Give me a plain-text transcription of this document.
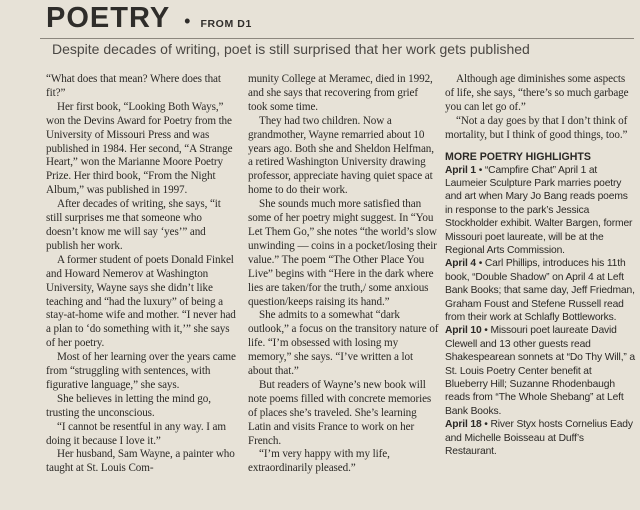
POETRY • FROM D1
Despite decades of writing, poet is still surprised that her work gets published

“What does that mean? Where does that fit?”

Her first book, “Looking Both Ways,” won the Devins Award for Poetry from the University of Missouri Press and was published in 1984. Her second, “A Strange Heart,” won the Marianne Moore Poetry Prize. Her third book, “From the Night Album,” was published in 1997.

After decades of writing, she says, “it still surprises me that someone who doesn’t know me will say ‘yes’” and publish her work.

A former student of poets Donald Finkel and Howard Nemerov at Washington University, Wayne says she didn’t like teaching and “had the luxury” of being a stay-at-home wife and mother. “I never had a plan to ‘do something with it,’” she says of her poetry.

Most of her learning over the years came from “struggling with sentences, with figurative language,” she says.

She believes in letting the mind go, trusting the unconscious.

“I cannot be resentful in any way. I am doing it because I love it.”

Her husband, Sam Wayne, a painter who taught at St. Louis Com-

munity College at Meramec, died in 1992, and she says that recovering from grief took some time.

They had two children. Now a grandmother, Wayne remarried about 10 years ago. Both she and Sheldon Helfman, a retired Washington University drawing professor, appreciate having quiet space at home to do their work.

She sounds much more satisfied than some of her poetry might suggest. In “You Let Them Go,” she notes “the world’s slow unwinding — coins in a pocket/losing their value.” The poem “The Other Place You Live” begins with “Here in the dark where lies are taken/for the truth,/ some anxious question/keeps raising its hand.”

She admits to a somewhat “dark outlook,” a focus on the transitory nature of life. “I’m obsessed with losing my memory,” she says. “I’ve written a lot about that.”

But readers of Wayne’s new book will note poems filled with concrete memories of places she’s traveled. She’s learning Latin and visits France to work on her French.

“I’m very happy with my life, extraordinarily pleased.”

Although age diminishes some aspects of life, she says, “there’s so much garbage you can let go of.”

“Not a day goes by that I don’t think of mortality, but I think of good things, too.”

MORE POETRY HIGHLIGHTS

April 1 • “Campfire Chat” April 1 at Laumeier Sculpture Park marries poetry and art when Mary Jo Bang reads poems in response to the park’s Jessica Stockholder exhibit. Walter Bargen, former Missouri poet laureate, will be at the Regional Arts Commission.

April 4 • Carl Phillips, introduces his 11th book, “Double Shadow” on April 4 at Left Bank Books; that same day, Jeff Friedman, Graham Foust and Stefene Russell read from their work at Schlafly Bottleworks.

April 10 • Missouri poet laureate David Clewell and 13 other guests read Shakespearean sonnets at “Do Thy Will,” a St. Louis Poetry Center benefit at Blueberry Hill; Suzanne Rhodenbaugh reads from “The Whole Shebang” at Left Bank Books.

April 18 • River Styx hosts Cornelius Eady and Michelle Boisseau at Duff’s Restaurant.
